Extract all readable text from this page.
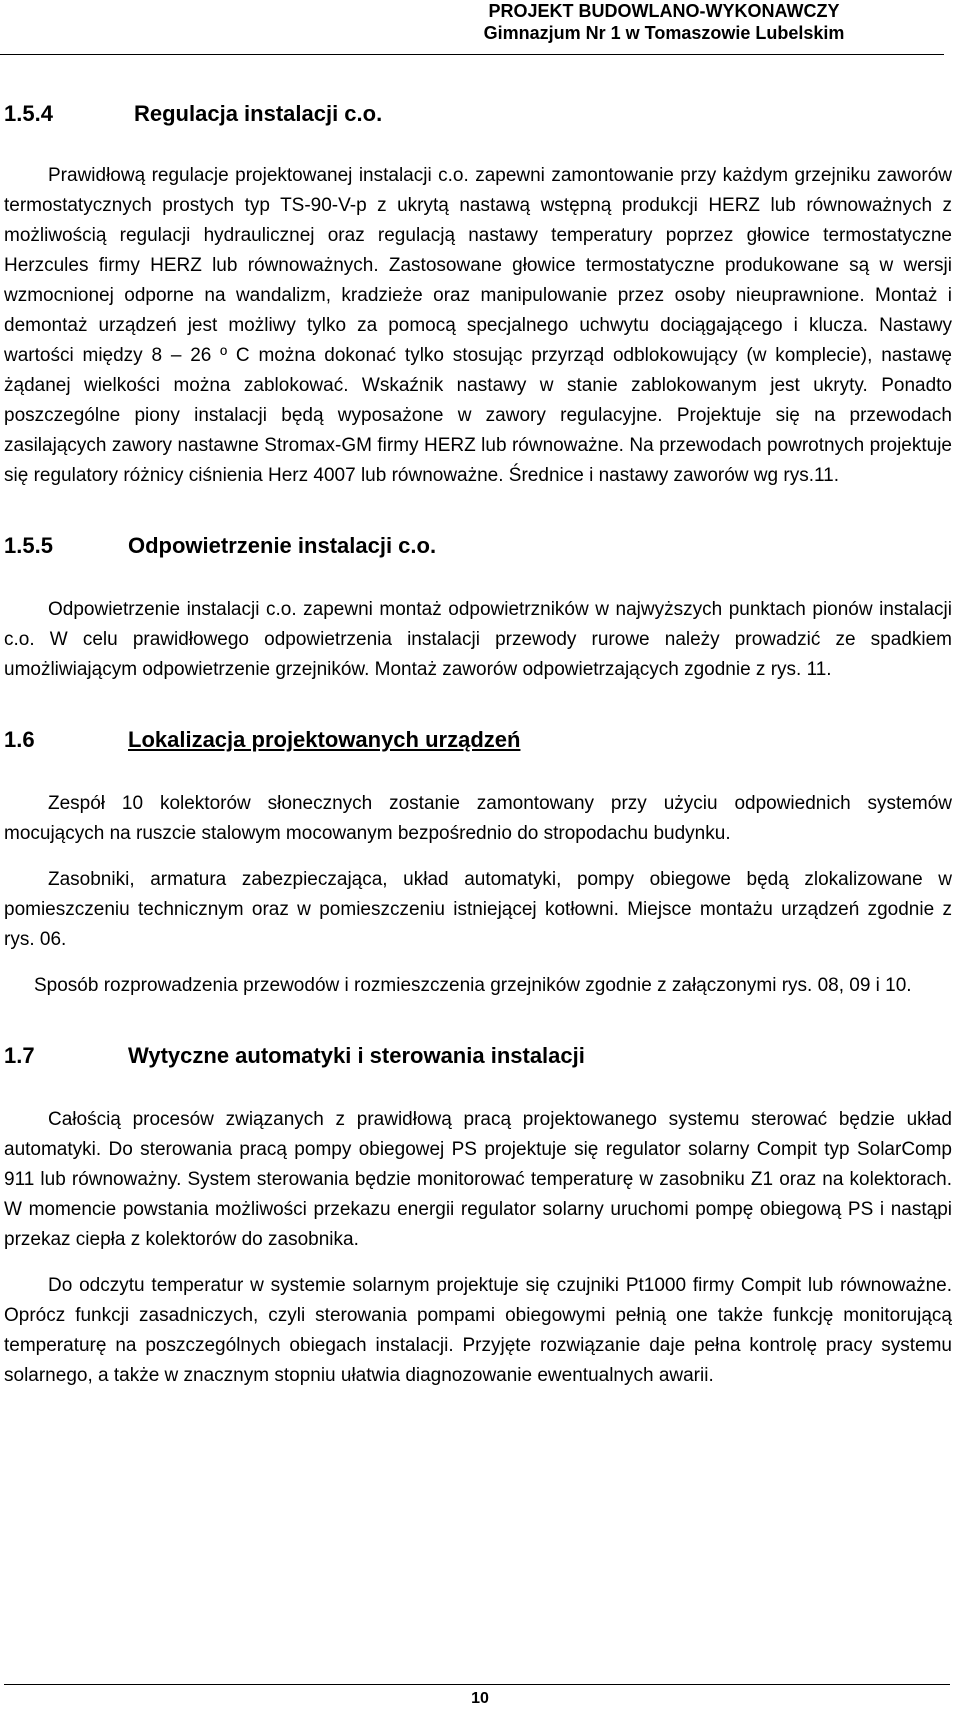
PROJEKT BUDOWLANO-WYKONAWCZY
Gimnazjum Nr 1 w Tomaszowie Lubelskim
1.5.4	Regulacja instalacji c.o.

Prawidłową regulacje projektowanej instalacji c.o. zapewni zamontowanie przy każdym grzejniku zaworów termostatycznych prostych typ TS-90-V-p z ukrytą nastawą wstępną produkcji HERZ lub równoważnych z możliwością regulacji hydraulicznej oraz regulacją nastawy temperatury poprzez głowice termostatyczne Herzcules firmy HERZ lub równoważnych. Zastosowane głowice termostatyczne produkowane są w wersji wzmocnionej odporne na wandalizm, kradzieże oraz manipulowanie przez osoby nieuprawnione. Montaż i demontaż urządzeń jest możliwy tylko za pomocą specjalnego uchwytu dociągającego i klucza. Nastawy wartości między 8 – 26 º C można dokonać tylko stosując przyrząd odblokowujący (w komplecie), nastawę żądanej wielkości można zablokować. Wskaźnik nastawy w stanie zablokowanym jest ukryty. Ponadto poszczególne piony instalacji będą wyposażone w zawory regulacyjne. Projektuje się na przewodach zasilających zawory nastawne Stromax-GM firmy HERZ lub równoważne. Na przewodach powrotnych projektuje się regulatory różnicy ciśnienia Herz 4007 lub równoważne. Średnice i nastawy zaworów wg rys.11.

1.5.5	Odpowietrzenie instalacji c.o.

Odpowietrzenie instalacji c.o. zapewni montaż odpowietrzników w najwyższych punktach pionów instalacji c.o. W celu prawidłowego odpowietrzenia instalacji przewody rurowe należy prowadzić ze spadkiem umożliwiającym odpowietrzenie grzejników. Montaż zaworów odpowietrzających zgodnie z rys. 11.

1.6	Lokalizacja projektowanych urządzeń

Zespół 10 kolektorów słonecznych zostanie zamontowany przy użyciu odpowiednich systemów mocujących na ruszcie stalowym mocowanym bezpośrednio do stropodachu budynku.

Zasobniki, armatura zabezpieczająca, układ automatyki, pompy obiegowe będą zlokalizowane w pomieszczeniu technicznym oraz w pomieszczeniu istniejącej kotłowni. Miejsce montażu urządzeń zgodnie z rys. 06.

Sposób rozprowadzenia przewodów i rozmieszczenia grzejników zgodnie z załączonymi rys. 08, 09 i 10.

1.7	Wytyczne automatyki i sterowania instalacji

Całością procesów związanych z prawidłową pracą projektowanego systemu sterować będzie układ automatyki. Do sterowania pracą pompy obiegowej PS projektuje się regulator solarny Compit typ SolarComp 911 lub równoważny. System sterowania będzie monitorować temperaturę w zasobniku Z1 oraz na kolektorach. W momencie powstania możliwości przekazu energii regulator solarny uruchomi pompę obiegową PS i nastąpi przekaz ciepła z kolektorów do zasobnika.

Do odczytu temperatur w systemie solarnym projektuje się czujniki Pt1000 firmy Compit lub równoważne. Oprócz funkcji zasadniczych, czyli sterowania pompami obiegowymi pełnią one także funkcję monitorującą temperaturę na poszczególnych obiegach instalacji. Przyjęte rozwiązanie daje pełna kontrolę pracy systemu solarnego, a także w znacznym stopniu ułatwia diagnozowanie ewentualnych awarii.

10
